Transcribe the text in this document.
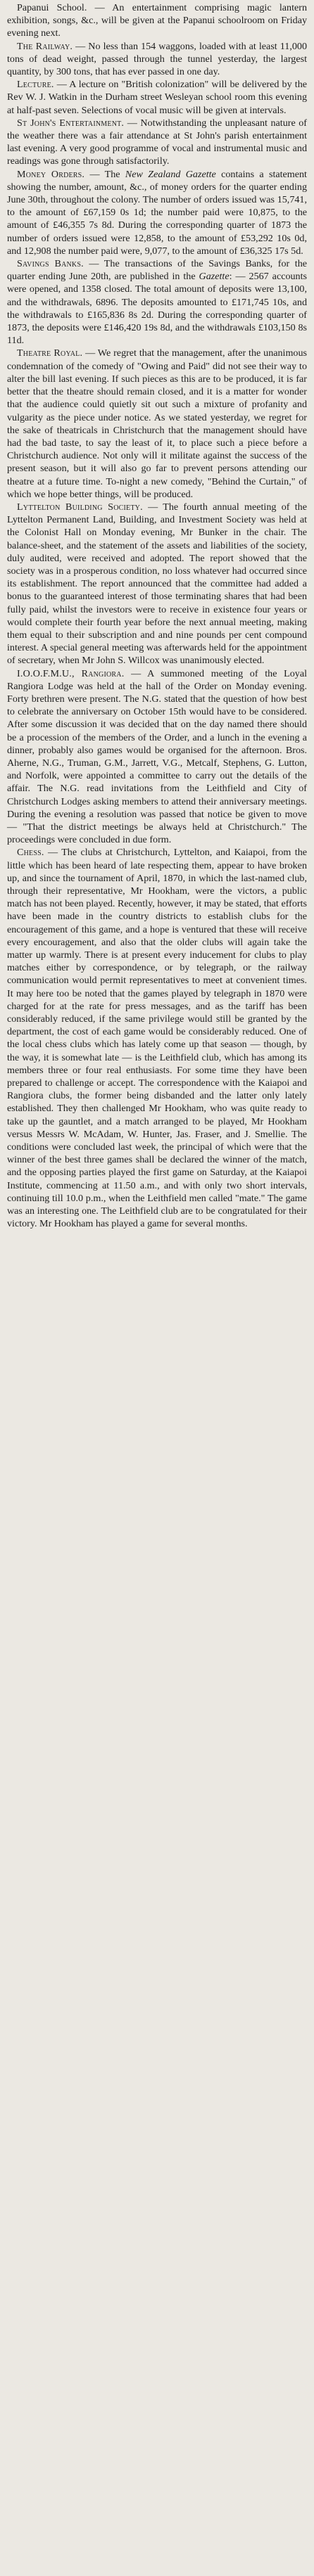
Papanui School. — An entertainment comprising magic lantern exhibition, songs, &c., will be given at the Papanui schoolroom on Friday evening next.

The Railway. — No less than 154 waggons, loaded with at least 11,000 tons of dead weight, passed through the tunnel yesterday, the largest quantity, by 300 tons, that has ever passed in one day.

Lecture. — A lecture on "British colonization" will be delivered by the Rev W. J. Watkin in the Durham street Wesleyan school room this evening at half-past seven. Selections of vocal music will be given at intervals.

St John's Entertainment. — Notwithstanding the unpleasant nature of the weather there was a fair attendance at St John's parish entertainment last evening. A very good programme of vocal and instrumental music and readings was gone through satisfactorily.

Money Orders. — The New Zealand Gazette contains a statement showing the number, amount, &c., of money orders for the quarter ending June 30th, throughout the colony. The number of orders issued was 15,741, to the amount of £67,159 0s 1d; the number paid were 10,875, to the amount of £46,355 7s 8d. During the corresponding quarter of 1873 the number of orders issued were 12,858, to the amount of £53,292 10s 0d, and 12,908 the number paid were, 9,077, to the amount of £36,325 17s 5d.

Savings Banks. — The transactions of the Savings Banks, for the quarter ending June 20th, are published in the Gazette: — 2567 accounts were opened, and 1358 closed. The total amount of deposits were 13,100, and the withdrawals, 6896. The deposits amounted to £171,745 10s, and the withdrawals to £165,836 8s 2d. During the corresponding quarter of 1873, the deposits were £146,420 19s 8d, and the withdrawals £103,150 8s 11d.

Theatre Royal. — We regret that the management, after the unanimous condemnation of the comedy of "Owing and Paid" did not see their way to alter the bill last evening. If such pieces as this are to be produced, it is far better that the theatre should remain closed, and it is a matter for wonder that the audience could quietly sit out such a mixture of profanity and vulgarity as the piece under notice. As we stated yesterday, we regret for the sake of theatricals in Christchurch that the management should have had the bad taste, to say the least of it, to place such a piece before a Christchurch audience. Not only will it militate against the success of the present season, but it will also go far to prevent persons attending our theatre at a future time. To-night a new comedy, "Behind the Curtain," of which we hope better things, will be produced.

Lyttelton Building Society. — The fourth annual meeting of the Lyttelton Permanent Land, Building, and Investment Society was held at the Colonist Hall on Monday evening, Mr Bunker in the chair. The balance-sheet, and the statement of the assets and liabilities of the society, duly audited, were received and adopted. The report showed that the society was in a prosperous condition, no loss whatever had occurred since its establishment. The report announced that the committee had added a bonus to the guaranteed interest of those terminating shares that had been fully paid, whilst the investors were to receive in existence four years or would complete their fourth year before the next annual meeting, making them equal to their subscription and and nine pounds per cent compound interest. A special general meeting was afterwards held for the appointment of secretary, when Mr John S. Willcox was unanimously elected.

I.O.O.F.M.U., Rangiora. — A summoned meeting of the Loyal Rangiora Lodge was held at the hall of the Order on Monday evening. Forty brethren were present. The N.G. stated that the question of how best to celebrate the anniversary on October 15th would have to be considered. After some discussion it was decided that on the day named there should be a procession of the members of the Order, and a lunch in the evening a dinner, probably also games would be organised for the afternoon. Bros. Aherne, N.G., Truman, G.M., Jarrett, V.G., Metcalf, Stephens, G. Lutton, and Norfolk, were appointed a committee to carry out the details of the affair. The N.G. read invitations from the Leithfield and City of Christchurch Lodges asking members to attend their anniversary meetings. During the evening a resolution was passed that notice be given to move — "That the district meetings be always held at Christchurch." The proceedings were concluded in due form.

Chess. — The clubs at Christchurch, Lyttelton, and Kaiapoi, from the little which has been heard of late respecting them, appear to have broken up, and since the tournament of April, 1870, in which the last-named club, through their representative, Mr Hookham, were the victors, a public match has not been played. Recently, however, it may be stated, that efforts have been made in the country districts to establish clubs for the encouragement of this game, and a hope is ventured that these will receive every encouragement, and also that the older clubs will again take the matter up warmly. There is at present every inducement for clubs to play matches either by correspondence, or by telegraph, or the railway communication would permit representatives to meet at convenient times. It may here too be noted that the games played by telegraph in 1870 were charged for at the rate for press messages, and as the tariff has been considerably reduced, if the same privilege would still be granted by the department, the cost of each game would be considerably reduced. One of the local chess clubs which has lately come up that season — though, by the way, it is somewhat late — is the Leithfield club, which has among its members three or four real enthusiasts. For some time they have been prepared to challenge or accept. The correspondence with the Kaiapoi and Rangiora clubs, the former being disbanded and the latter only lately established. They then challenged Mr Hookham, who was quite ready to take up the gauntlet, and a match arranged to be played, Mr Hookham versus Messrs W. McAdam, W. Hunter, Jas. Fraser, and J. Smellie. The conditions were concluded last week, the principal of which were that the winner of the best three games shall be declared the winner of the match, and the opposing parties played the first game on Saturday, at the Kaiapoi Institute, commencing at 11.50 a.m., and with only two short intervals, continuing till 10.0 p.m., when the Leithfield men called "mate." The game was an interesting one. The Leithfield club are to be congratulated for their victory. Mr Hookham has played a game for several months.
